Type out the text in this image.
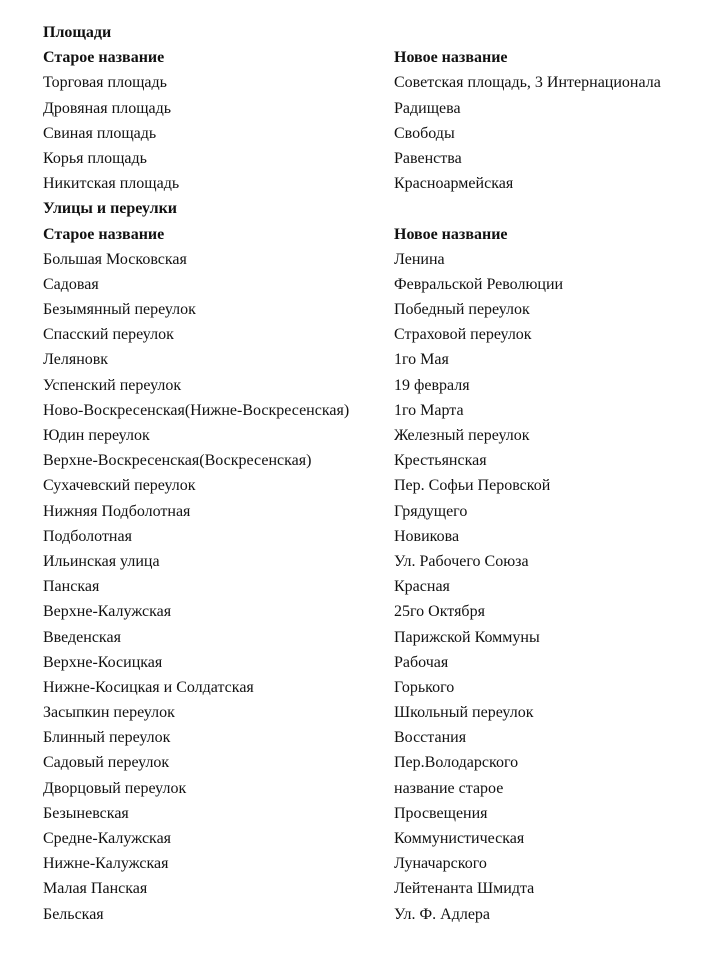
Площади
Старое название	Новое название
Торговая площадь	Советская площадь, 3 Интернационала
Дровяная площадь	Радищева
Свиная площадь	Свободы
Корья площадь	Равенства
Никитская площадь	Красноармейская
Улицы и переулки
Старое название	Новое название
Большая Московская	Ленина
Садовая	Февральской Революции
Безымянный переулок	Победный переулок
Спасский переулок	Страховой переулок
Леляновк	1го Мая
Успенский переулок	19 февраля
Ново-Воскресенская(Нижне-Воскресенская)	1го Марта
Юдин переулок	Железный переулок
Верхне-Воскресенская(Воскресенская)	Крестьянская
Сухачевский переулок	Пер. Софьи Перовской
Нижняя Подболотная	Грядущего
Подболотная	Новикова
Ильинская улица	Ул. Рабочего Союза
Панская	Красная
Верхне-Калужская	25го Октября
Введенская	Парижской Коммуны
Верхне-Косицкая	Рабочая
Нижне-Косицкая и Солдатская	Горького
Засыпкин переулок	Школьный переулок
Блинный переулок	Восстания
Садовый переулок	Пер.Володарского
Дворцовый переулок	название старое
Безыневская	Просвещения
Средне-Калужская	Коммунистическая
Нижне-Калужская	Луначарского
Малая Панская	Лейтенанта Шмидта
Бельская	Ул. Ф. Адлера
